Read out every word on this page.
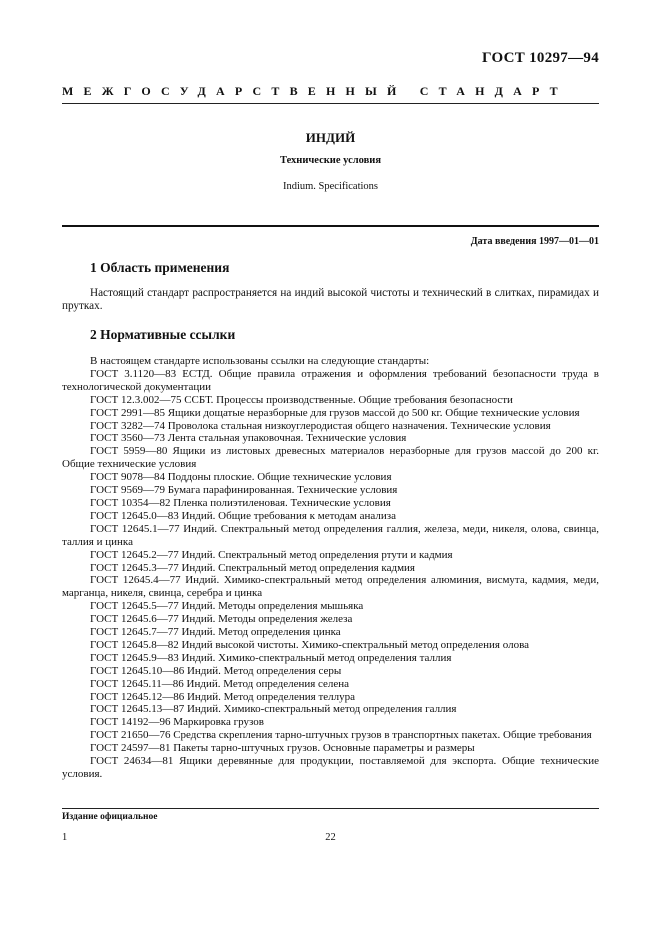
ГОСТ 10297—94
МЕЖГОСУДАРСТВЕННЫЙ СТАНДАРТ
ИНДИЙ
Технические условия
Indium. Specifications
Дата введения 1997—01—01
1 Область применения
Настоящий стандарт распространяется на индий высокой чистоты и технический в слитках, пирамидах и прутках.
2 Нормативные ссылки

В настоящем стандарте использованы ссылки на следующие стандарты:

ГОСТ 3.1120—83 ЕСТД. Общие правила отражения и оформления требований безопасности труда в технологической документации

ГОСТ 12.3.002—75 ССБТ. Процессы производственные. Общие требования безопасности

ГОСТ 2991—85 Ящики дощатые неразборные для грузов массой до 500 кг. Общие технические условия

ГОСТ 3282—74 Проволока стальная низкоуглеродистая общего назначения. Технические условия

ГОСТ 3560—73 Лента стальная упаковочная. Технические условия

ГОСТ 5959—80 Ящики из листовых древесных материалов неразборные для грузов массой до 200 кг. Общие технические условия

ГОСТ 9078—84 Поддоны плоские. Общие технические условия

ГОСТ 9569—79 Бумага парафинированная. Технические условия

ГОСТ 10354—82 Пленка полиэтиленовая. Технические условия

ГОСТ 12645.0—83 Индий. Общие требования к методам анализа

ГОСТ 12645.1—77 Индий. Спектральный метод определения галлия, железа, меди, никеля, олова, свинца, таллия и цинка

ГОСТ 12645.2—77 Индий. Спектральный метод определения ртути и кадмия

ГОСТ 12645.3—77 Индий. Спектральный метод определения кадмия

ГОСТ 12645.4—77 Индий. Химико-спектральный метод определения алюминия, висмута, кадмия, меди, марганца, никеля, свинца, серебра и цинка

ГОСТ 12645.5—77 Индий. Методы определения мышьяка

ГОСТ 12645.6—77 Индий. Методы определения железа

ГОСТ 12645.7—77 Индий. Метод определения цинка

ГОСТ 12645.8—82 Индий высокой чистоты. Химико-спектральный метод определения олова

ГОСТ 12645.9—83 Индий. Химико-спектральный метод определения таллия

ГОСТ 12645.10—86 Индий. Метод определения серы

ГОСТ 12645.11—86 Индий. Метод определения селена

ГОСТ 12645.12—86 Индий. Метод определения теллура

ГОСТ 12645.13—87 Индий. Химико-спектральный метод определения галлия

ГОСТ 14192—96 Маркировка грузов

ГОСТ 21650—76 Средства скрепления тарно-штучных грузов в транспортных пакетах. Общие требования

ГОСТ 24597—81 Пакеты тарно-штучных грузов. Основные параметры и размеры

ГОСТ 24634—81 Ящики деревянные для продукции, поставляемой для экспорта. Общие технические условия.

Издание официальное
1	22
